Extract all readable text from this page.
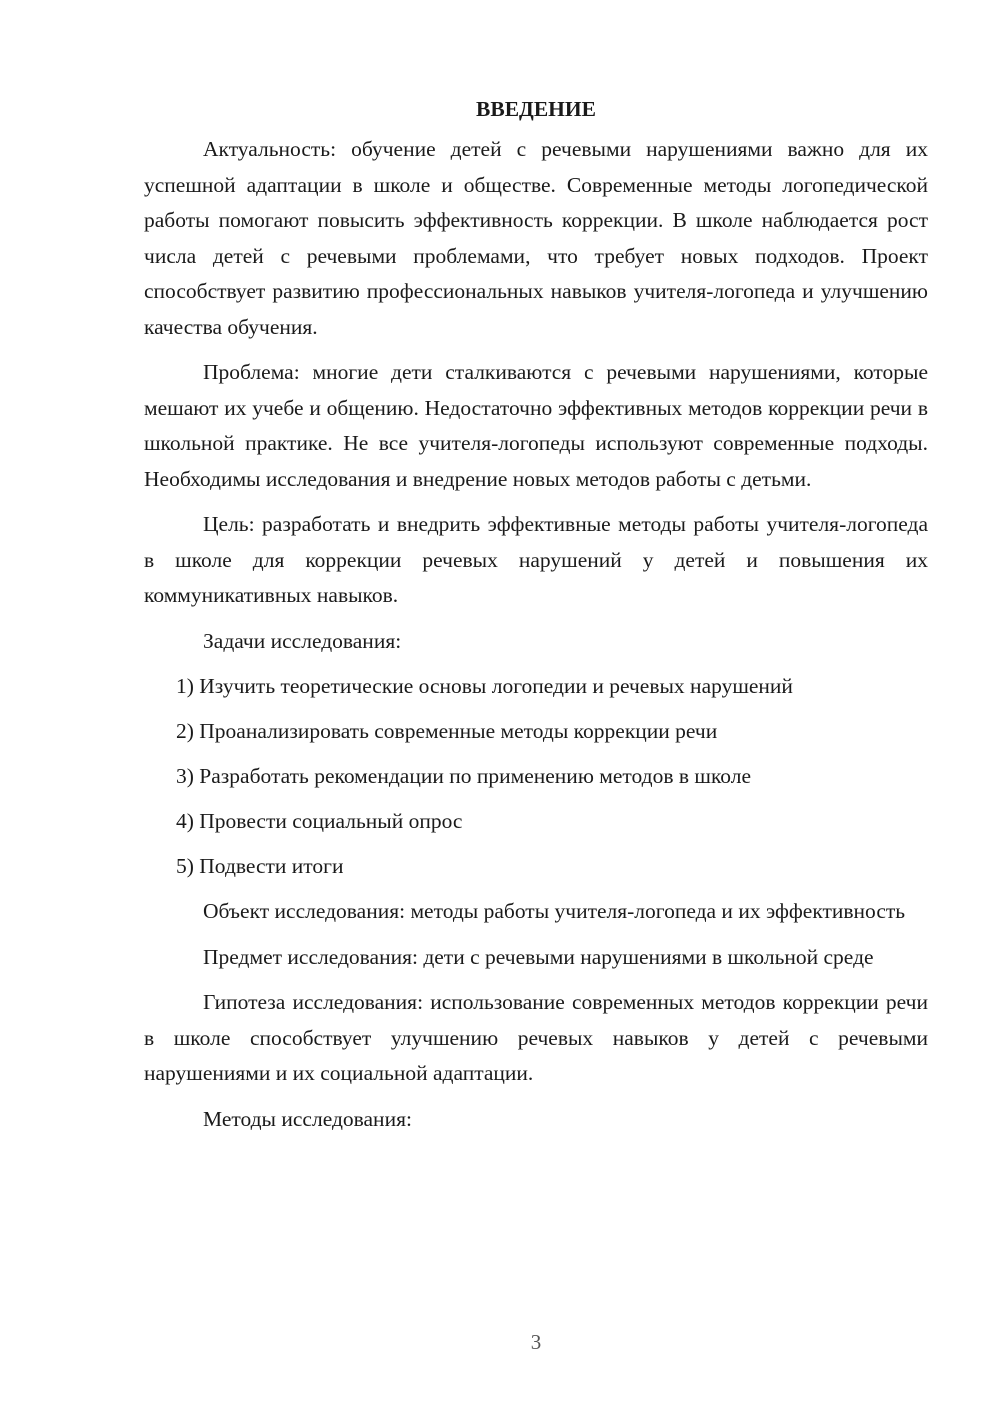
ВВЕДЕНИЕ

Актуальность: обучение детей с речевыми нарушениями важно для их успешной адаптации в школе и обществе. Современные методы логопедической работы помогают повысить эффективность коррекции. В школе наблюдается рост числа детей с речевыми проблемами, что требует новых подходов. Проект способствует развитию профессиональных навыков учителя-логопеда и улучшению качества обучения.

Проблема: многие дети сталкиваются с речевыми нарушениями, которые мешают их учебе и общению. Недостаточно эффективных методов коррекции речи в школьной практике. Не все учителя-логопеды используют современные подходы. Необходимы исследования и внедрение новых методов работы с детьми.

Цель: разработать и внедрить эффективные методы работы учителя-логопеда в школе для коррекции речевых нарушений у детей и повышения их коммуникативных навыков.

Задачи исследования:

1) Изучить теоретические основы логопедии и речевых нарушений
2) Проанализировать современные методы коррекции речи
3) Разработать рекомендации по применению методов в школе
4) Провести социальный опрос
5) Подвести итоги

Объект исследования: методы работы учителя-логопеда и их эффективность

Предмет исследования: дети с речевыми нарушениями в школьной среде

Гипотеза исследования: использование современных методов коррекции речи в школе способствует улучшению речевых навыков у детей с речевыми нарушениями и их социальной адаптации.

Методы исследования:

3
